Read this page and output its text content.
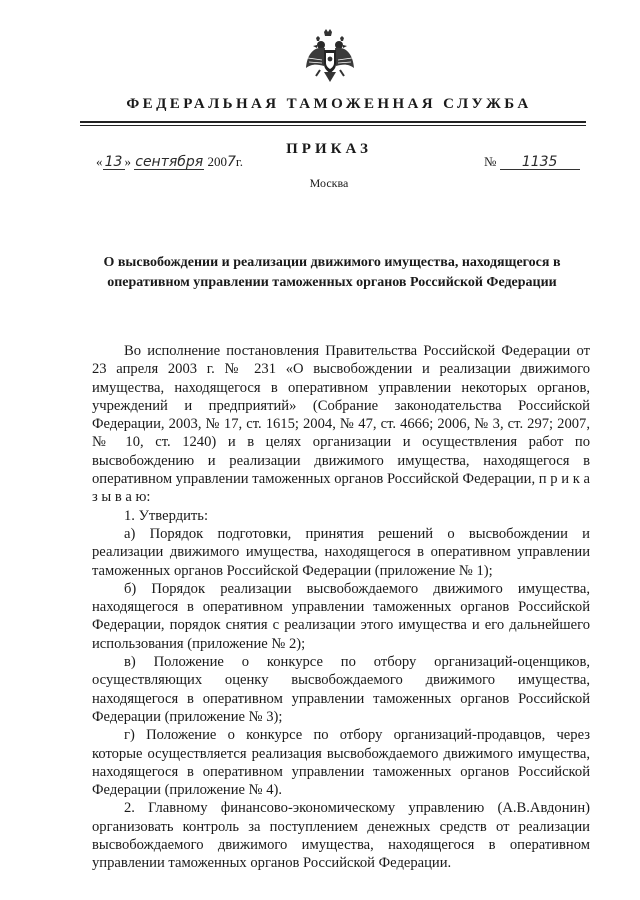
ФЕДЕРАЛЬНАЯ ТАМОЖЕННАЯ СЛУЖБА
ПРИКАЗ
« 13 » сентября 2007г.	№ 1135
Москва
О высвобождении и реализации движимого имущества, находящегося в оперативном управлении таможенных органов Российской Федерации

Во исполнение постановления Правительства Российской Федерации от 23 апреля 2003 г. № 231 «О высвобождении и реализации движимого имущества, находящегося в оперативном управлении некоторых органов, учреждений и предприятий» (Собрание законодательства Российской Федерации, 2003, № 17, ст. 1615; 2004, № 47, ст. 4666; 2006, № 3, ст. 297; 2007, № 10, ст. 1240) и в целях организации и осуществления работ по высвобождению и реализации движимого имущества, находящегося в оперативном управлении таможенных органов Российской Федерации, п р и к а з ы в а ю:

1. Утвердить:

а) Порядок подготовки, принятия решений о высвобождении и реализации движимого имущества, находящегося в оперативном управлении таможенных органов Российской Федерации (приложение № 1);

б) Порядок реализации высвобождаемого движимого имущества, находящегося в оперативном управлении таможенных органов Российской Федерации, порядок снятия с реализации этого имущества и его дальнейшего использования (приложение № 2);

в) Положение о конкурсе по отбору организаций-оценщиков, осуществляющих оценку высвобождаемого движимого имущества, находящегося в оперативном управлении таможенных органов Российской Федерации (приложение № 3);

г) Положение о конкурсе по отбору организаций-продавцов, через которые осуществляется реализация высвобождаемого движимого имущества, находящегося в оперативном управлении таможенных органов Российской Федерации (приложение № 4).

2. Главному финансово-экономическому управлению (А.В.Авдонин) организовать контроль за поступлением денежных средств от реализации высвобождаемого движимого имущества, находящегося в оперативном управлении таможенных органов Российской Федерации.
